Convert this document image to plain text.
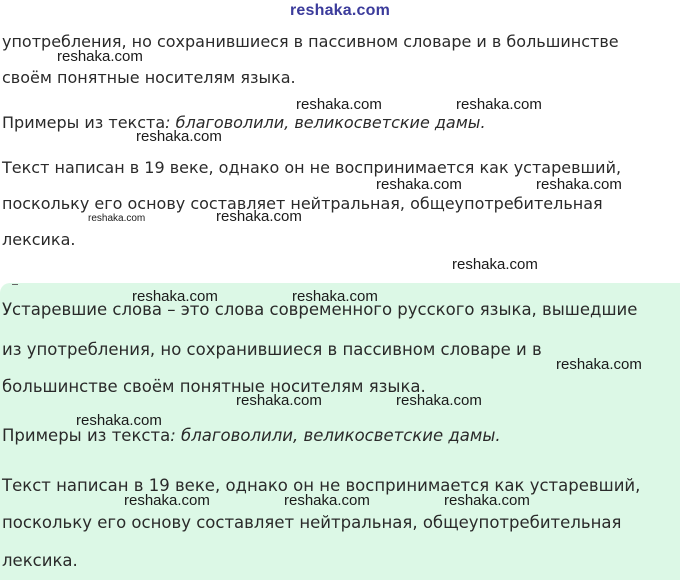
reshaka.com

употребления, но сохранившиеся в пассивном словаре и в большинстве

своём понятные носителям языка.

Примеры из текста: благоволили, великосветские дамы.

Текст написан в 19 веке, однако он не воспринимается как устаревший,

поскольку его основу составляет нейтральная, общеупотребительная

лексика.

Устаревшие слова – это слова современного русского языка, вышедшие

из употребления, но сохранившиеся в пассивном словаре и в

большинстве своём понятные носителям языка.

Примеры из текста: благоволили, великосветские дамы.

Текст написан в 19 веке, однако он не воспринимается как устаревший,

поскольку его основу составляет нейтральная, общеупотребительная

лексика.

reshaka.com
reshaka.com	reshaka.com
reshaka.com
reshaka.com	reshaka.com
reshaka.com	reshaka.com
reshaka.com
reshaka.com	reshaka.com
reshaka.com
reshaka.com	reshaka.com
reshaka.com
reshaka.com	reshaka.com	reshaka.com
